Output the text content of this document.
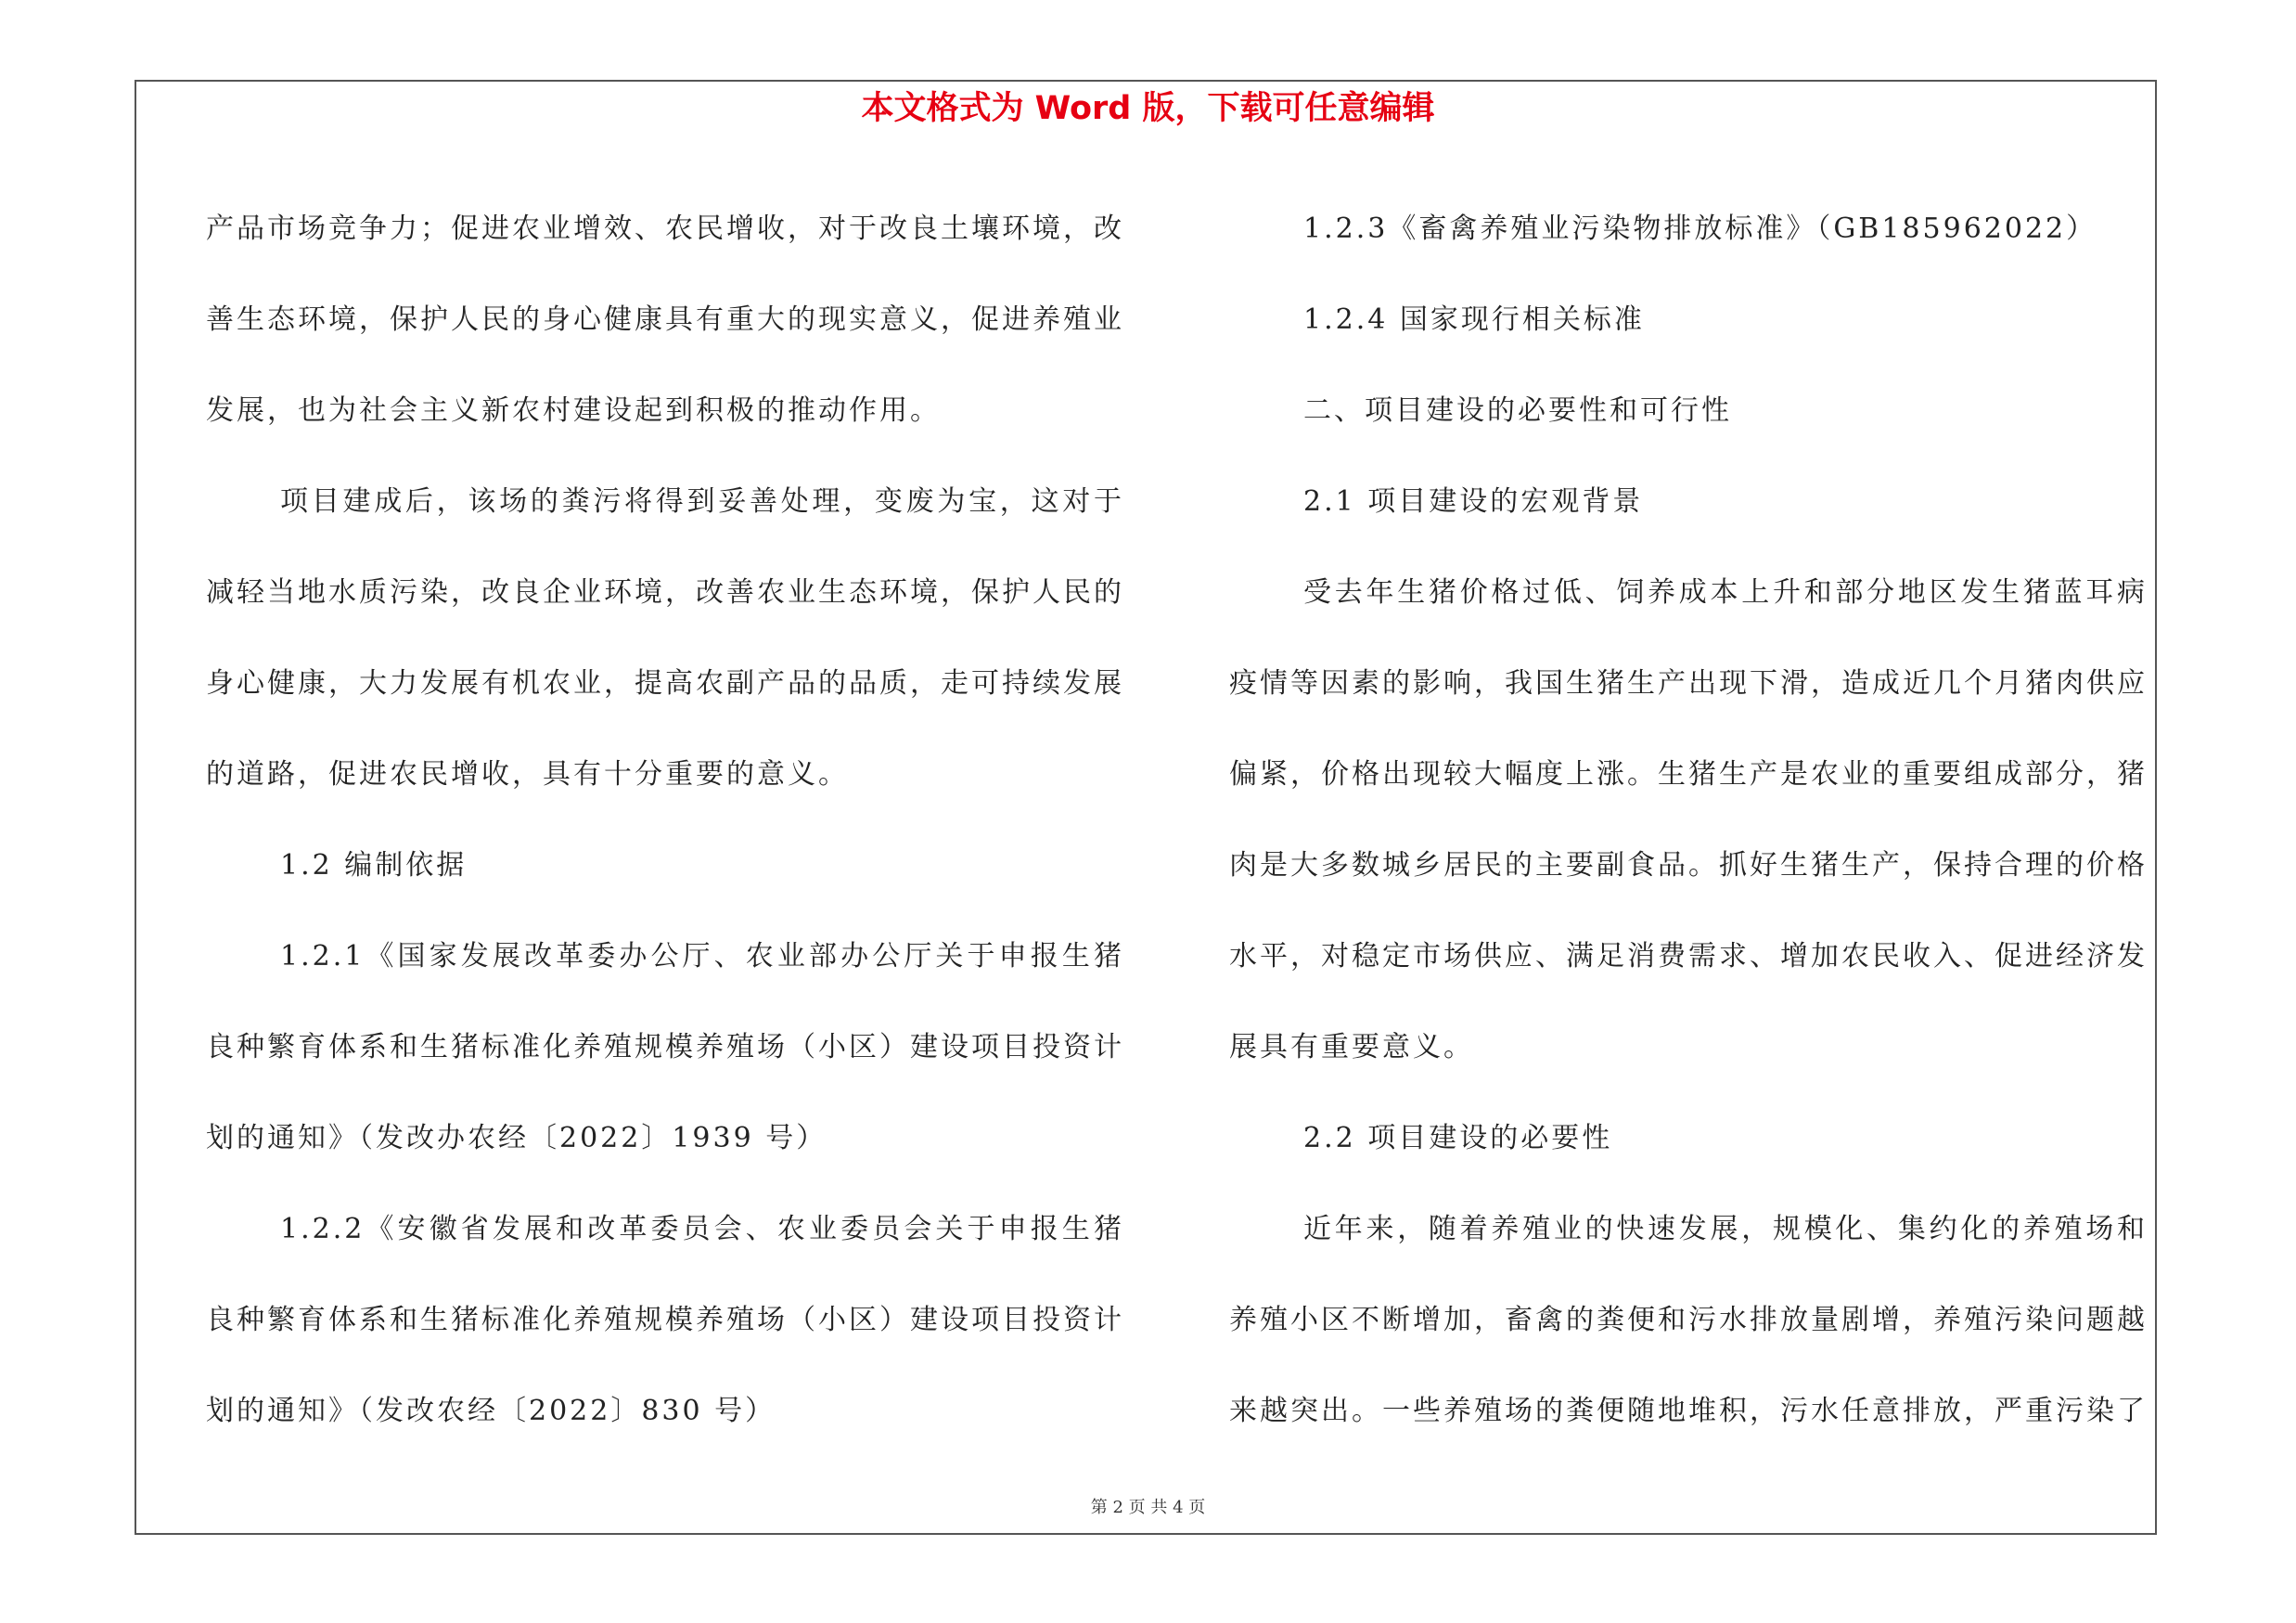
本文格式为 Word 版，下载可任意编辑

产品市场竞争力；促进农业增效、农民增收，对于改良土壤环境，改善生态环境，保护人民的身心健康具有重大的现实意义，促进养殖业发展，也为社会主义新农村建设起到积极的推动作用。

项目建成后，该场的粪污将得到妥善处理，变废为宝，这对于减轻当地水质污染，改良企业环境，改善农业生态环境，保护人民的身心健康，大力发展有机农业，提高农副产品的品质，走可持续发展的道路，促进农民增收，具有十分重要的意义。

1.2 编制依据

1.2.1《国家发展改革委办公厅、农业部办公厅关于申报生猪良种繁育体系和生猪标准化养殖规模养殖场（小区）建设项目投资计划的通知》（发改办农经〔2022〕1939 号）

1.2.2《安徽省发展和改革委员会、农业委员会关于申报生猪良种繁育体系和生猪标准化养殖规模养殖场（小区）建设项目投资计划的通知》（发改农经〔2022〕830 号）

1.2.3《畜禽养殖业污染物排放标准》（GB185962022）

1.2.4 国家现行相关标准

二、项目建设的必要性和可行性

2.1 项目建设的宏观背景

受去年生猪价格过低、饲养成本上升和部分地区发生猪蓝耳病疫情等因素的影响，我国生猪生产出现下滑，造成近几个月猪肉供应偏紧，价格出现较大幅度上涨。生猪生产是农业的重要组成部分，猪肉是大多数城乡居民的主要副食品。抓好生猪生产，保持合理的价格水平，对稳定市场供应、满足消费需求、增加农民收入、促进经济发展具有重要意义。

2.2 项目建设的必要性

近年来，随着养殖业的快速发展，规模化、集约化的养殖场和养殖小区不断增加，畜禽的粪便和污水排放量剧增，养殖污染问题越来越突出。一些养殖场的粪便随地堆积，污水任意排放，严重污染了

第 2 页 共 4 页
